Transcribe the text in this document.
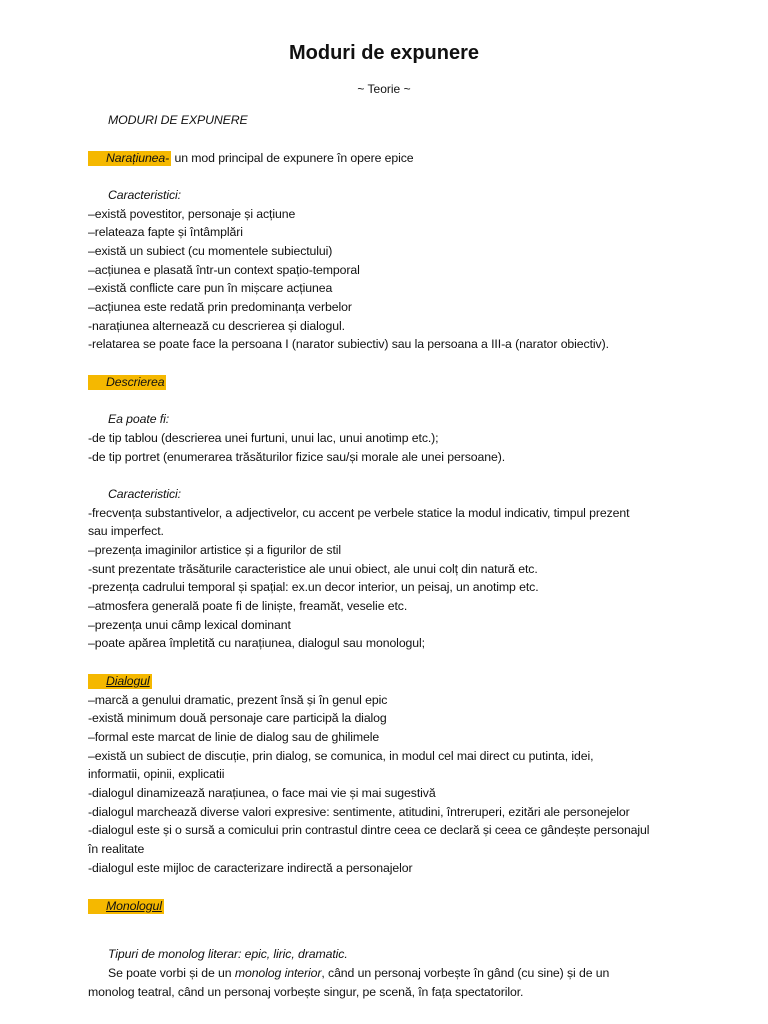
Moduri de expunere
~ Teorie ~
MODURI DE EXPUNERE
Narațiunea- un mod principal de expunere în opere epice
Caracteristici:
–există povestitor, personaje și acțiune
–relateaza fapte și întâmplări
–există un subiect (cu momentele subiectului)
–acțiunea e plasată într-un context spațio-temporal
–există conflicte care pun în mișcare acțiunea
–acțiunea este redată prin predominanța verbelor
-narațiunea alternează cu descrierea și dialogul.
-relatarea se poate face la persoana I (narator subiectiv) sau la persoana a III-a (narator obiectiv).
Descrierea
Ea poate fi:
-de tip tablou (descrierea unei furtuni, unui lac, unui anotimp etc.);
-de tip portret (enumerarea trăsăturilor fizice sau/și morale ale unei persoane).
Caracteristici:
-frecvența substantivelor, a adjectivelor, cu accent pe verbele statice la modul indicativ, timpul prezent
sau imperfect.
–prezența imaginilor artistice și a figurilor de stil
-sunt prezentate trăsăturile caracteristice ale unui obiect, ale unui colț din natură etc.
-prezența cadrului temporal și spațial: ex.un decor interior, un peisaj, un anotimp etc.
–atmosfera generală poate fi de liniște, freamăt, veselie etc.
–prezența unui câmp lexical dominant
–poate apărea împletită cu narațiunea, dialogul sau monologul;
Dialogul
–marcă a genului dramatic, prezent însă și în genul epic
-există minimum două personaje care participă la dialog
–formal este marcat de linie de dialog sau de ghilimele
–există un subiect de discuție, prin dialog, se comunica, in modul cel mai direct cu putinta, idei,
informatii, opinii, explicatii
-dialogul dinamizează narațiunea, o face mai vie și mai sugestivă
-dialogul marchează diverse valori expresive: sentimente, atitudini, întreruperi, ezitări ale personejelor
-dialogul este și o sursă a comicului prin contrastul dintre ceea ce declară și ceea ce gândește personajul
în realitate
-dialogul este mijloc de caracterizare indirectă a personajelor
Monologul
Tipuri de monolog literar: epic, liric, dramatic.
Se poate vorbi și de un monolog interior, când un personaj vorbește în gând (cu sine) și de un
monolog teatral, când un personaj vorbește singur, pe scenă, în fața spectatorilor.
